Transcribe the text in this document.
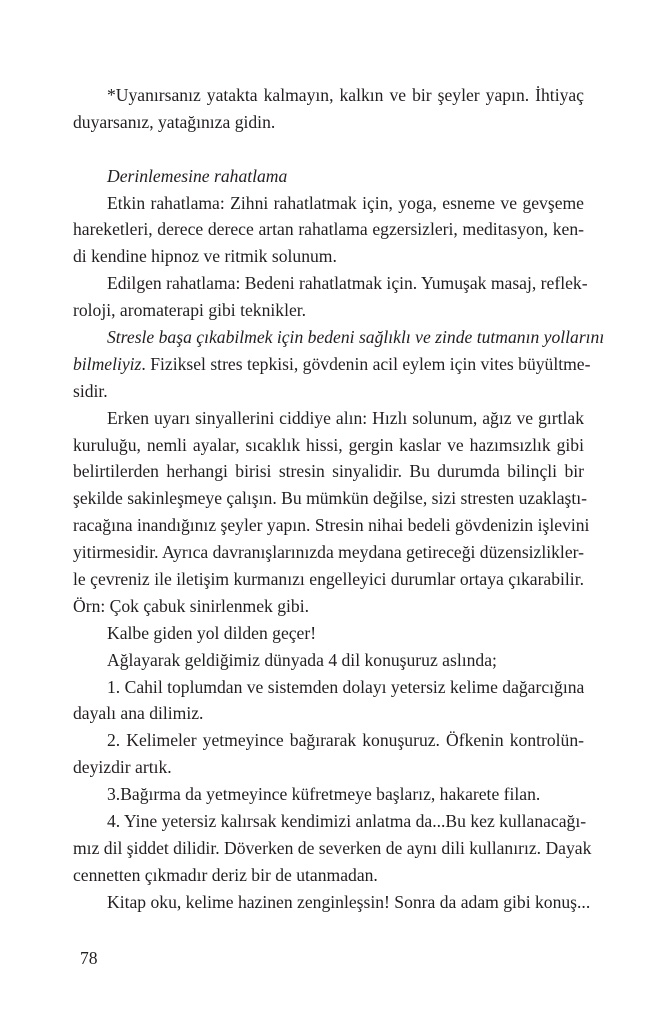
*Uyanırsanız yatakta kalmayın, kalkın ve bir şeyler yapın. İhtiyaç
duyarsanız, yatağınıza gidin.
Derinlemesine rahatlama
Etkin rahatlama: Zihni rahatlatmak için, yoga, esneme ve gevşeme
hareketleri, derece derece artan rahatlama egzersizleri, meditasyon, ken-
di kendine hipnoz ve ritmik solunum.
Edilgen rahatlama: Bedeni rahatlatmak için. Yumuşak masaj, reflek-
roloji, aromaterapi gibi teknikler.
Stresle başa çıkabilmek için bedeni sağlıklı ve zinde tutmanın yollarını
bilmeliyiz. Fiziksel stres tepkisi, gövdenin acil eylem için vites büyültme-
sidir.
Erken uyarı sinyallerini ciddiye alın: Hızlı solunum, ağız ve gırtlak
kuruluğu, nemli ayalar, sıcaklık hissi, gergin kaslar ve hazımsızlık gibi
belirtilerden herhangi birisi stresin sinyalidir. Bu durumda bilinçli bir
şekilde sakinleşmeye çalışın. Bu mümkün değilse, sizi stresten uzaklaştı-
racağına inandığınız şeyler yapın. Stresin nihai bedeli gövdenizin işlevini
yitirmesidir. Ayrıca davranışlarınızda meydana getireceği düzensizlikler-
le çevreniz ile iletişim kurmanızı engelleyici durumlar ortaya çıkarabilir.
Örn: Çok çabuk sinirlenmek gibi.
Kalbe giden yol dilden geçer!
Ağlayarak geldiğimiz dünyada 4 dil konuşuruz aslında;
1. Cahil toplumdan ve sistemden dolayı yetersiz kelime dağarcığına
dayalı ana dilimiz.
2. Kelimeler yetmeyince bağırarak konuşuruz. Öfkenin kontrolün-
deyizdir artık.
3.Bağırma da yetmeyince küfretmeye başlarız, hakarete filan.
4. Yine yetersiz kalırsak kendimizi anlatma da...Bu kez kullanacağı-
mız dil şiddet dilidir. Döverken de severken de aynı dili kullanırız. Dayak
cennetten çıkmadır deriz bir de utanmadan.
Kitap oku, kelime hazinen zenginleşsin! Sonra da adam gibi konuş...
78
